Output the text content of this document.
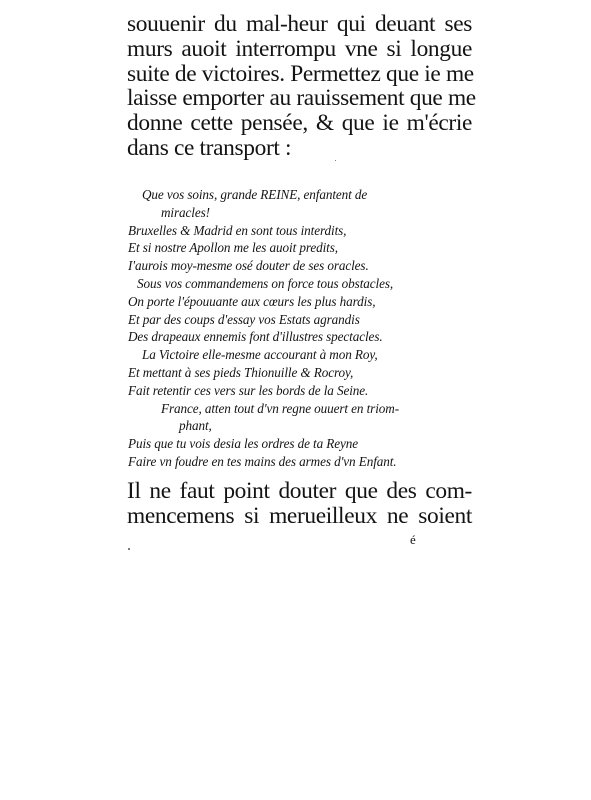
souuenir du mal-heur qui deuant ses
murs auoit interrompu vne si longue
suite de victoires. Permettez que ie me
laisse emporter au rauissement que me
donne cette pensée, & que ie m'écrie
dans ce transport :
Que vos soins, grande REINE, enfantent de
miracles!
Bruxelles & Madrid en sont tous interdits,
Et si nostre Apollon me les auoit predits,
I'aurois moy-mesme osé douter de ses oracles.
Sous vos commandemens on force tous obstacles,
On porte l'épouuante aux cœurs les plus hardis,
Et par des coups d'essay vos Estats agrandis
Des drapeaux ennemis font d'illustres spectacles.
La Victoire elle-mesme accourant à mon Roy,
Et mettant à ses pieds Thionuille & Rocroy,
Fait retentir ces vers sur les bords de la Seine.
France, atten tout d'vn regne ouuert en triom-
phant,
Puis que tu vois desia les ordres de ta Reyne
Faire vn foudre en tes mains des armes d'vn Enfant.
Il ne faut point douter que des com-
mencemens si merueilleux ne soient
é
